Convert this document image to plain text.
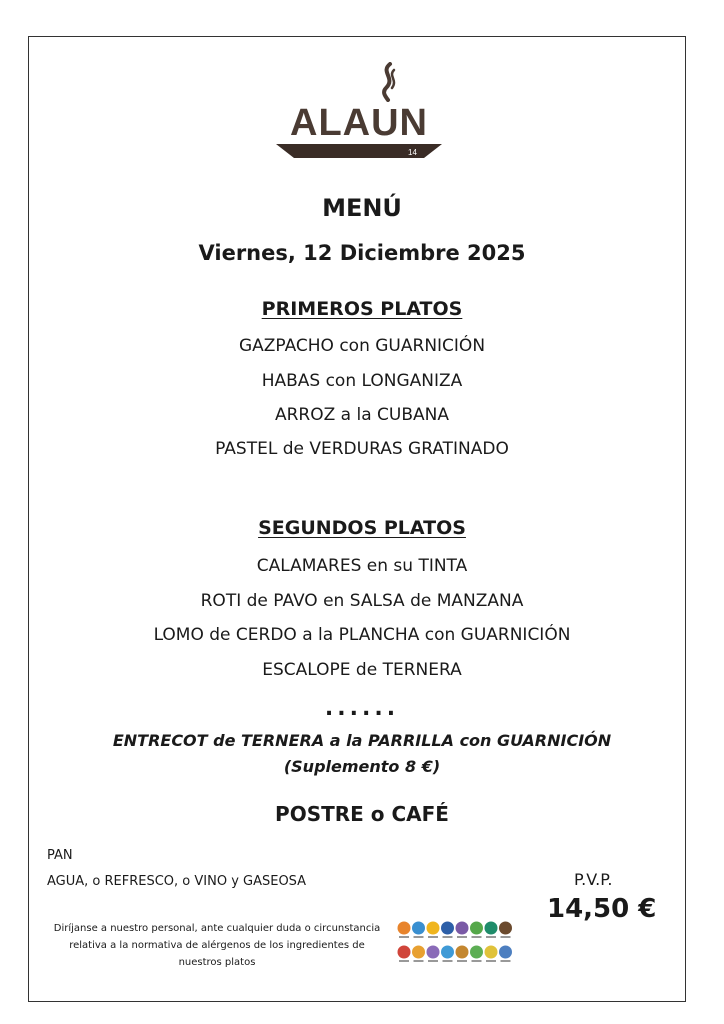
ALAUN
14
MENÚ
Viernes, 12 Diciembre 2025
PRIMEROS PLATOS
GAZPACHO con GUARNICIÓN
HABAS con LONGANIZA
ARROZ a la CUBANA
PASTEL de VERDURAS GRATINADO
SEGUNDOS PLATOS
CALAMARES en su TINTA
ROTI de PAVO en SALSA de MANZANA
LOMO de CERDO a la PLANCHA con GUARNICIÓN
ESCALOPE de TERNERA
......
ENTRECOT de TERNERA a la PARRILLA con GUARNICIÓN
(Suplemento 8 €)
POSTRE o CAFÉ
PAN
AGUA, o REFRESCO, o VINO y GASEOSA	P.V.P.
14,50 €
Diríjanse a nuestro personal, ante cualquier duda o circunstancia relativa a la normativa de alérgenos de los ingredientes de nuestros platos
